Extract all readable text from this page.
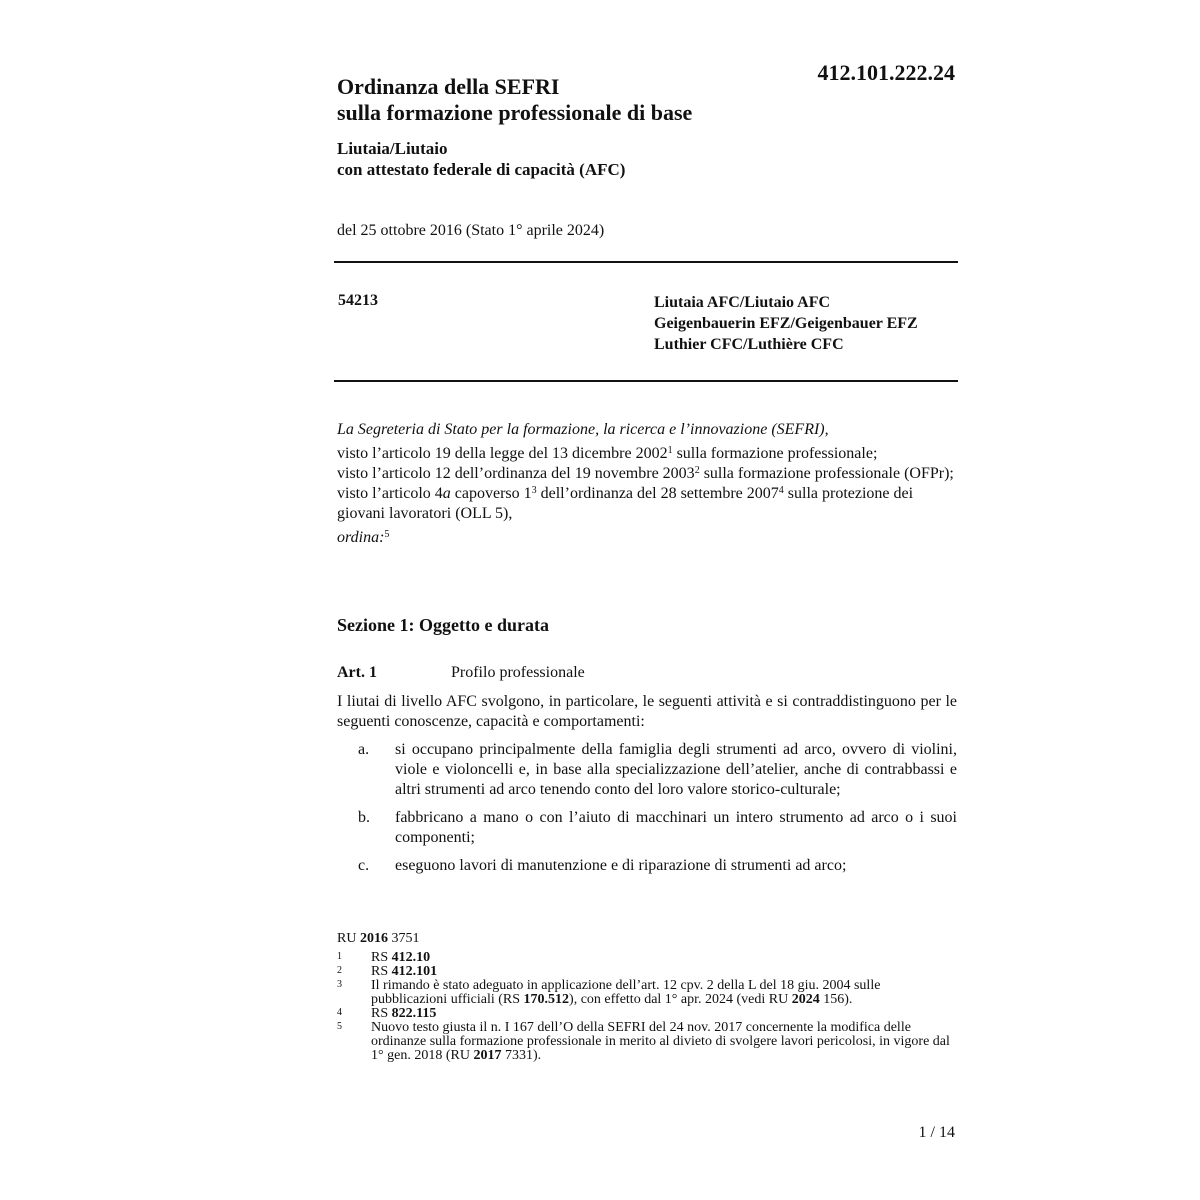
412.101.222.24
Ordinanza della SEFRI
sulla formazione professionale di base
Liutaia/Liutaio
con attestato federale di capacità (AFC)
del 25 ottobre 2016 (Stato 1° aprile 2024)
54213	Liutaia AFC/Liutaio AFC
Geigenbauerin EFZ/Geigenbauer EFZ
Luthier CFC/Luthière CFC
La Segreteria di Stato per la formazione, la ricerca e l’innovazione (SEFRI),
visto l’articolo 19 della legge del 13 dicembre 2002$^1$ sulla formazione professionale;
visto l’articolo 12 dell’ordinanza del 19 novembre 2003$^2$ sulla formazione professionale (OFPr);
visto l’articolo 4a capoverso $1^3$ dell’ordinanza del 28 settembre 2007$^4$ sulla protezione dei giovani lavoratori (OLL 5),
ordina:$^5$
Sezione 1: Oggetto e durata
Art. 1	Profilo professionale
I liutai di livello AFC svolgono, in particolare, le seguenti attività e si contraddistinguono per le seguenti conoscenze, capacità e comportamenti:
a.	si occupano principalmente della famiglia degli strumenti ad arco, ovvero di violini, viole e violoncelli e, in base alla specializzazione dell’atelier, anche di contrabbassi e altri strumenti ad arco tenendo conto del loro valore storico-culturale;
b.	fabbricano a mano o con l’aiuto di macchinari un intero strumento ad arco o i suoi componenti;
c.	eseguono lavori di manutenzione e di riparazione di strumenti ad arco;
RU 2016 3751
1	RS 412.10
2	RS 412.101
3	Il rimando è stato adeguato in applicazione dell’art. 12 cpv. 2 della L del 18 giu. 2004 sulle pubblicazioni ufficiali (RS 170.512), con effetto dal 1° apr. 2024 (vedi RU 2024 156).
4	RS 822.115
5	Nuovo testo giusta il n. I 167 dell’O della SEFRI del 24 nov. 2017 concernente la modifica delle ordinanze sulla formazione professionale in merito al divieto di svolgere lavori pericolosi, in vigore dal 1° gen. 2018 (RU 2017 7331).
1 / 14
